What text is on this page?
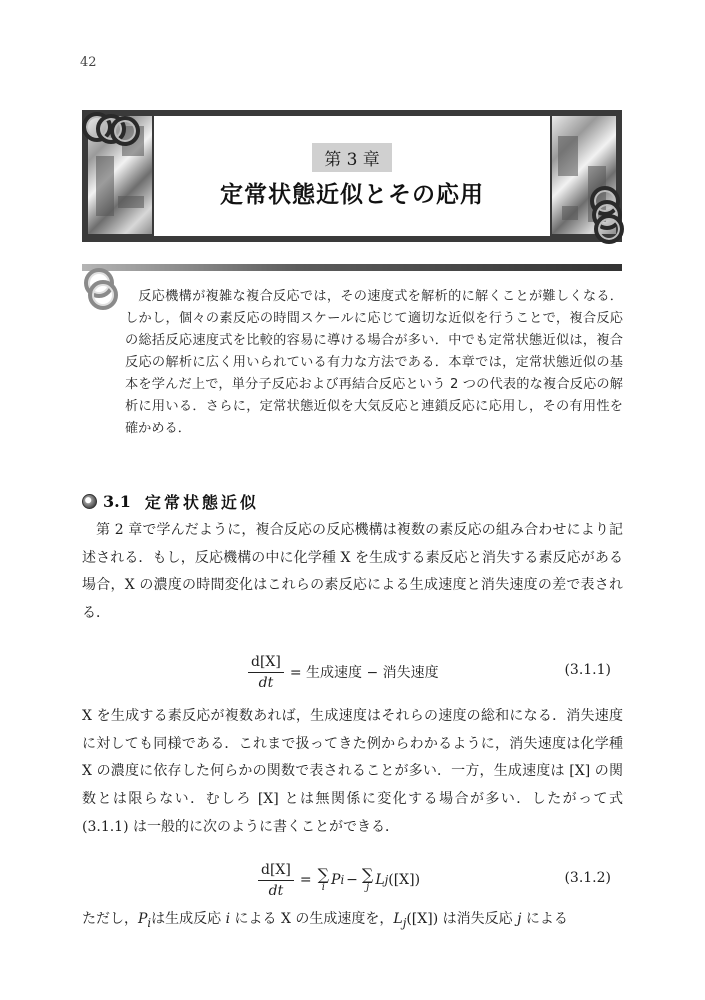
42
第 3 章
定常状態近似とその応用
反応機構が複雑な複合反応では，その速度式を解析的に解くことが難しくなる．しかし，個々の素反応の時間スケールに応じて適切な近似を行うことで，複合反応の総括反応速度式を比較的容易に導ける場合が多い．中でも定常状態近似は，複合反応の解析に広く用いられている有力な方法である．本章では，定常状態近似の基本を学んだ上で，単分子反応および再結合反応という 2 つの代表的な複合反応の解析に用いる．さらに，定常状態近似を大気反応と連鎖反応に応用し，その有用性を確かめる．
3.1 定常状態近似
第 2 章で学んだように，複合反応の反応機構は複数の素反応の組み合わせにより記述される．もし，反応機構の中に化学種 X を生成する素反応と消失する素反応がある場合，X の濃度の時間変化はこれらの素反応による生成速度と消失速度の差で表される．
$\frac{d[X]}{dt}$ = 生成速度 − 消失速度	(3.1.1)
X を生成する素反応が複数あれば，生成速度はそれらの速度の総和になる．消失速度に対しても同様である．これまで扱ってきた例からわかるように，消失速度は化学種 X の濃度に依存した何らかの関数で表されることが多い．一方，生成速度は [X] の関数とは限らない．むしろ [X] とは無関係に変化する場合が多い．したがって式 (3.1.1) は一般的に次のように書くことができる．
$\frac{d[X]}{dt}$ = ∑
i P i − ∑
j L j ([X])	(3.1.2)
ただし，$P_i$は生成反応 i による X の生成速度を，$L_j([X])$ は消失反応 j による
